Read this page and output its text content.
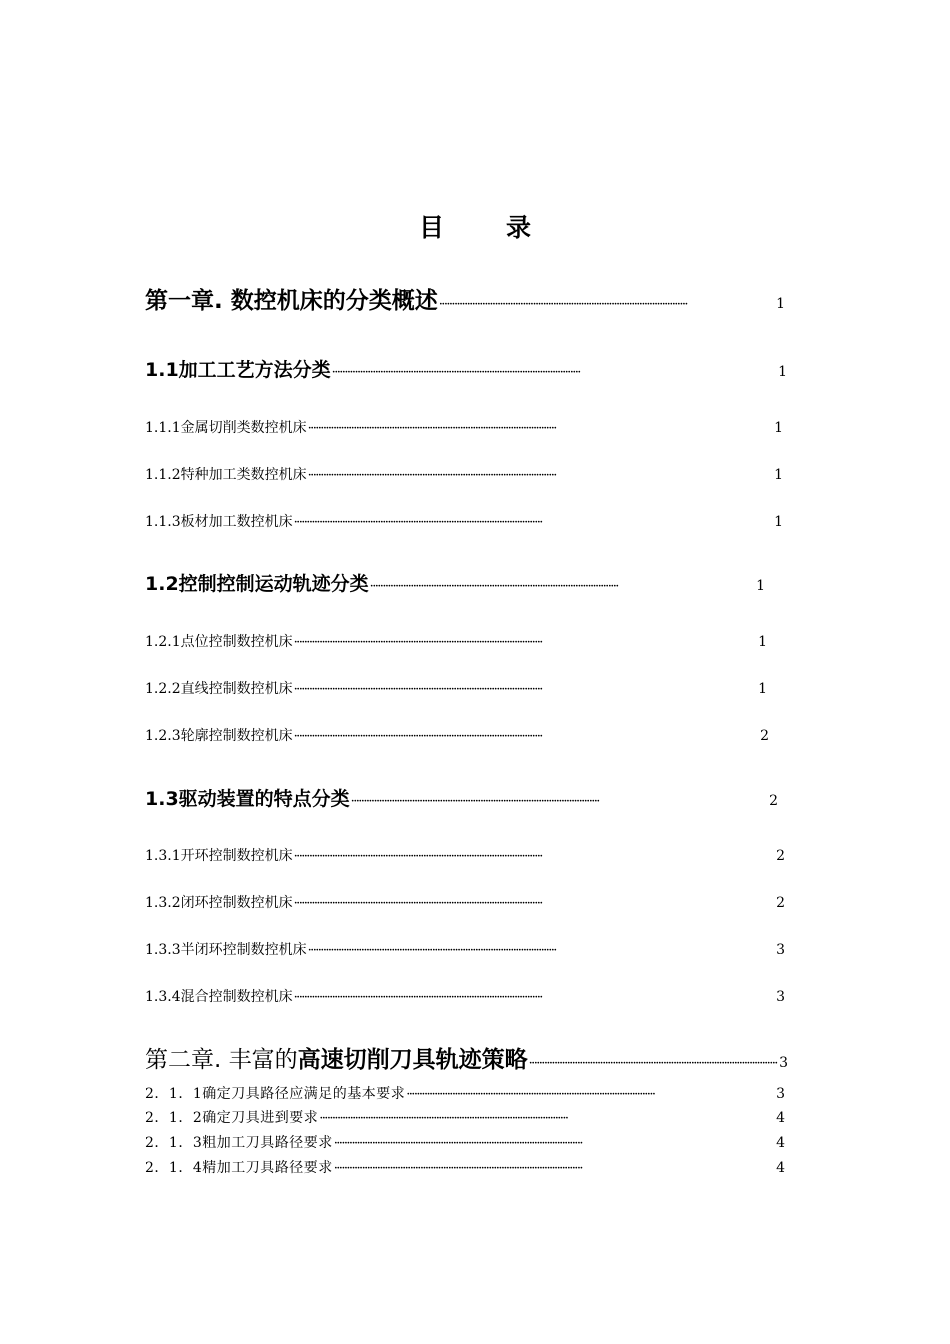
目录
第一章. 数控机床的分类概述 ··································································································	1
1.1加工工艺方法分类 ··································································································	1
1.1.1金属切削类数控机床 ··································································································	1
1.1.2特种加工类数控机床 ··································································································	1
1.1.3板材加工数控机床 ··································································································	1
1.2控制控制运动轨迹分类 ··································································································	1
1.2.1点位控制数控机床 ··································································································	1
1.2.2直线控制数控机床 ··································································································	1
1.2.3轮廓控制数控机床 ··································································································	2
1.3驱动装置的特点分类 ··································································································	2
1.3.1开环控制数控机床 ··································································································	2
1.3.2闭环控制数控机床 ··································································································	2
1.3.3半闭环控制数控机床 ··································································································	3
1.3.4混合控制数控机床 ··································································································	3
第二章. 丰富的高速切削刀具轨迹策略 ·································································································· 3
2．1．1确定刀具路径应满足的基本要求 ··································································································	3
2．1．2确定刀具进到要求 ··································································································	4
2．1．3粗加工刀具路径要求 ··································································································	4
2．1．4精加工刀具路径要求 ··································································································	4
